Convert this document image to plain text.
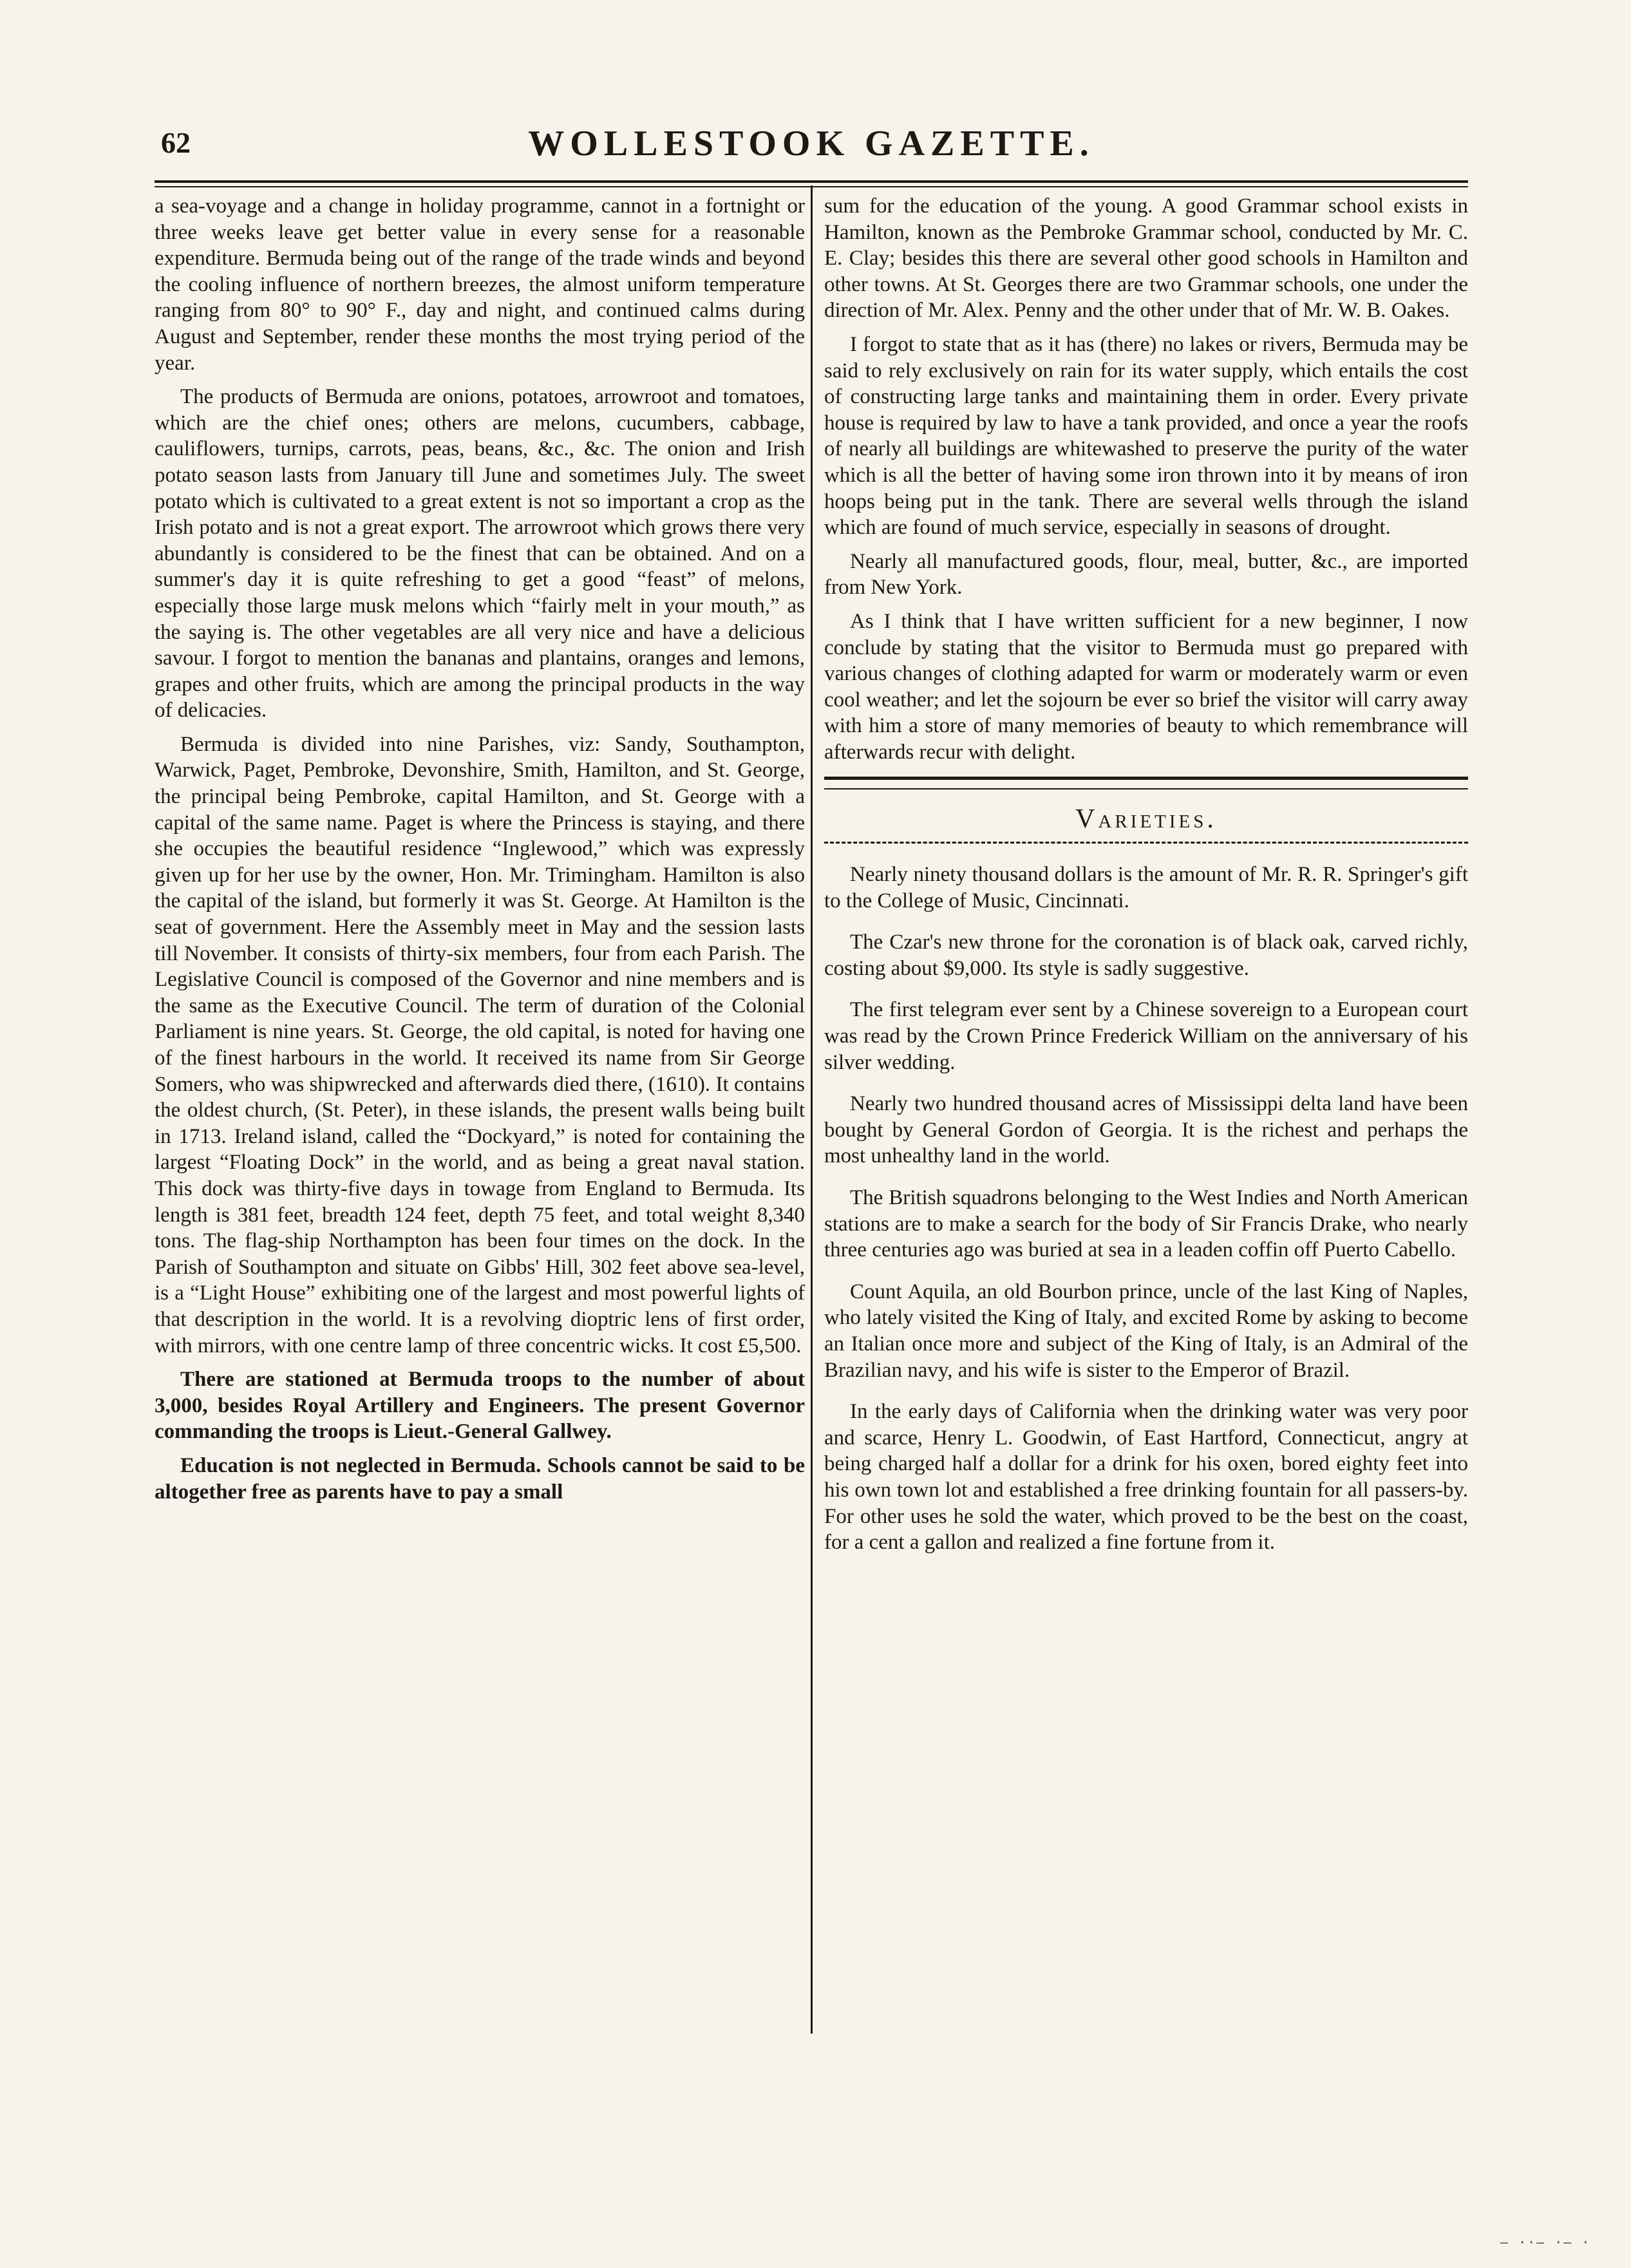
62	WOLLESTOOK GAZETTE.

a sea-voyage and a change in holiday programme, cannot in a fortnight or three weeks leave get better value in every sense for a reasonable expenditure. Bermuda being out of the range of the trade winds and beyond the cooling influence of northern breezes, the almost uniform temperature ranging from 80° to 90° F., day and night, and continued calms during August and September, render these months the most trying period of the year.

The products of Bermuda are onions, potatoes, arrowroot and tomatoes, which are the chief ones; others are melons, cucumbers, cabbage, cauliflowers, turnips, carrots, peas, beans, &c., &c. The onion and Irish potato season lasts from January till June and sometimes July. The sweet potato which is cultivated to a great extent is not so important a crop as the Irish potato and is not a great export. The arrowroot which grows there very abundantly is considered to be the finest that can be obtained. And on a summer's day it is quite refreshing to get a good “feast” of melons, especially those large musk melons which “fairly melt in your mouth,” as the saying is. The other vegetables are all very nice and have a delicious savour. I forgot to mention the bananas and plantains, oranges and lemons, grapes and other fruits, which are among the principal products in the way of delicacies.

Bermuda is divided into nine Parishes, viz: Sandy, Southampton, Warwick, Paget, Pembroke, Devonshire, Smith, Hamilton, and St. George, the principal being Pembroke, capital Hamilton, and St. George with a capital of the same name. Paget is where the Princess is staying, and there she occupies the beautiful residence “Inglewood,” which was expressly given up for her use by the owner, Hon. Mr. Trimingham. Hamilton is also the capital of the island, but formerly it was St. George. At Hamilton is the seat of government. Here the Assembly meet in May and the session lasts till November. It consists of thirty-six members, four from each Parish. The Legislative Council is composed of the Governor and nine members and is the same as the Executive Council. The term of duration of the Colonial Parliament is nine years. St. George, the old capital, is noted for having one of the finest harbours in the world. It received its name from Sir George Somers, who was shipwrecked and afterwards died there, (1610). It contains the oldest church, (St. Peter), in these islands, the present walls being built in 1713. Ireland island, called the “Dockyard,” is noted for containing the largest “Floating Dock” in the world, and as being a great naval station. This dock was thirty-five days in towage from England to Bermuda. Its length is 381 feet, breadth 124 feet, depth 75 feet, and total weight 8,340 tons. The flag-ship Northampton has been four times on the dock. In the Parish of Southampton and situate on Gibbs' Hill, 302 feet above sea-level, is a “Light House” exhibiting one of the largest and most powerful lights of that description in the world. It is a revolving dioptric lens of first order, with mirrors, with one centre lamp of three concentric wicks. It cost £5,500.

There are stationed at Bermuda troops to the number of about 3,000, besides Royal Artillery and Engineers. The present Governor commanding the troops is Lieut.-General Gallwey.

Education is not neglected in Bermuda. Schools cannot be said to be altogether free as parents have to pay a small

sum for the education of the young. A good Grammar school exists in Hamilton, known as the Pembroke Grammar school, conducted by Mr. C. E. Clay; besides this there are several other good schools in Hamilton and other towns. At St. Georges there are two Grammar schools, one under the direction of Mr. Alex. Penny and the other under that of Mr. W. B. Oakes.

I forgot to state that as it has (there) no lakes or rivers, Bermuda may be said to rely exclusively on rain for its water supply, which entails the cost of constructing large tanks and maintaining them in order. Every private house is required by law to have a tank provided, and once a year the roofs of nearly all buildings are whitewashed to preserve the purity of the water which is all the better of having some iron thrown into it by means of iron hoops being put in the tank. There are several wells through the island which are found of much service, especially in seasons of drought.

Nearly all manufactured goods, flour, meal, butter, &c., are imported from New York.

As I think that I have written sufficient for a new beginner, I now conclude by stating that the visitor to Bermuda must go prepared with various changes of clothing adapted for warm or moderately warm or even cool weather; and let the sojourn be ever so brief the visitor will carry away with him a store of many memories of beauty to which remembrance will afterwards recur with delight.

Varieties.

Nearly ninety thousand dollars is the amount of Mr. R. R. Springer's gift to the College of Music, Cincinnati.

The Czar's new throne for the coronation is of black oak, carved richly, costing about $9,000. Its style is sadly suggestive.

The first telegram ever sent by a Chinese sovereign to a European court was read by the Crown Prince Frederick William on the anniversary of his silver wedding.

Nearly two hundred thousand acres of Mississippi delta land have been bought by General Gordon of Georgia. It is the richest and perhaps the most unhealthy land in the world.

The British squadrons belonging to the West Indies and North American stations are to make a search for the body of Sir Francis Drake, who nearly three centuries ago was buried at sea in a leaden coffin off Puerto Cabello.

Count Aquila, an old Bourbon prince, uncle of the last King of Naples, who lately visited the King of Italy, and excited Rome by asking to become an Italian once more and subject of the King of Italy, is an Admiral of the Brazilian navy, and his wife is sister to the Emperor of Brazil.

In the early days of California when the drinking water was very poor and scarce, Henry L. Goodwin, of East Hartford, Connecticut, angry at being charged half a dollar for a drink for his oxen, bored eighty feet into his own town lot and established a free drinking fountain for all passers-by. For other uses he sold the water, which proved to be the best on the coast, for a cent a gallon and realized a fine fortune from it.

— ··— ·— ·
